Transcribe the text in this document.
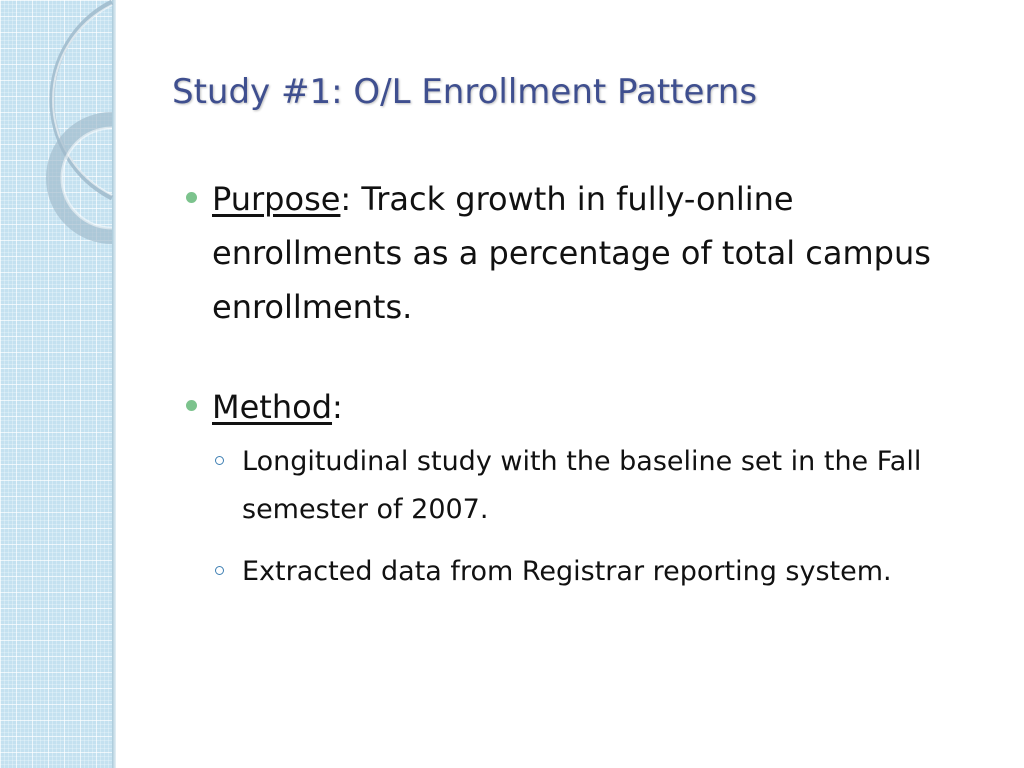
Study #1: O/L Enrollment Patterns
Purpose: Track growth in fully-online enrollments as a percentage of total campus enrollments.
Method:
Longitudinal study with the baseline set in the Fall semester of 2007.
Extracted data from Registrar reporting system.
